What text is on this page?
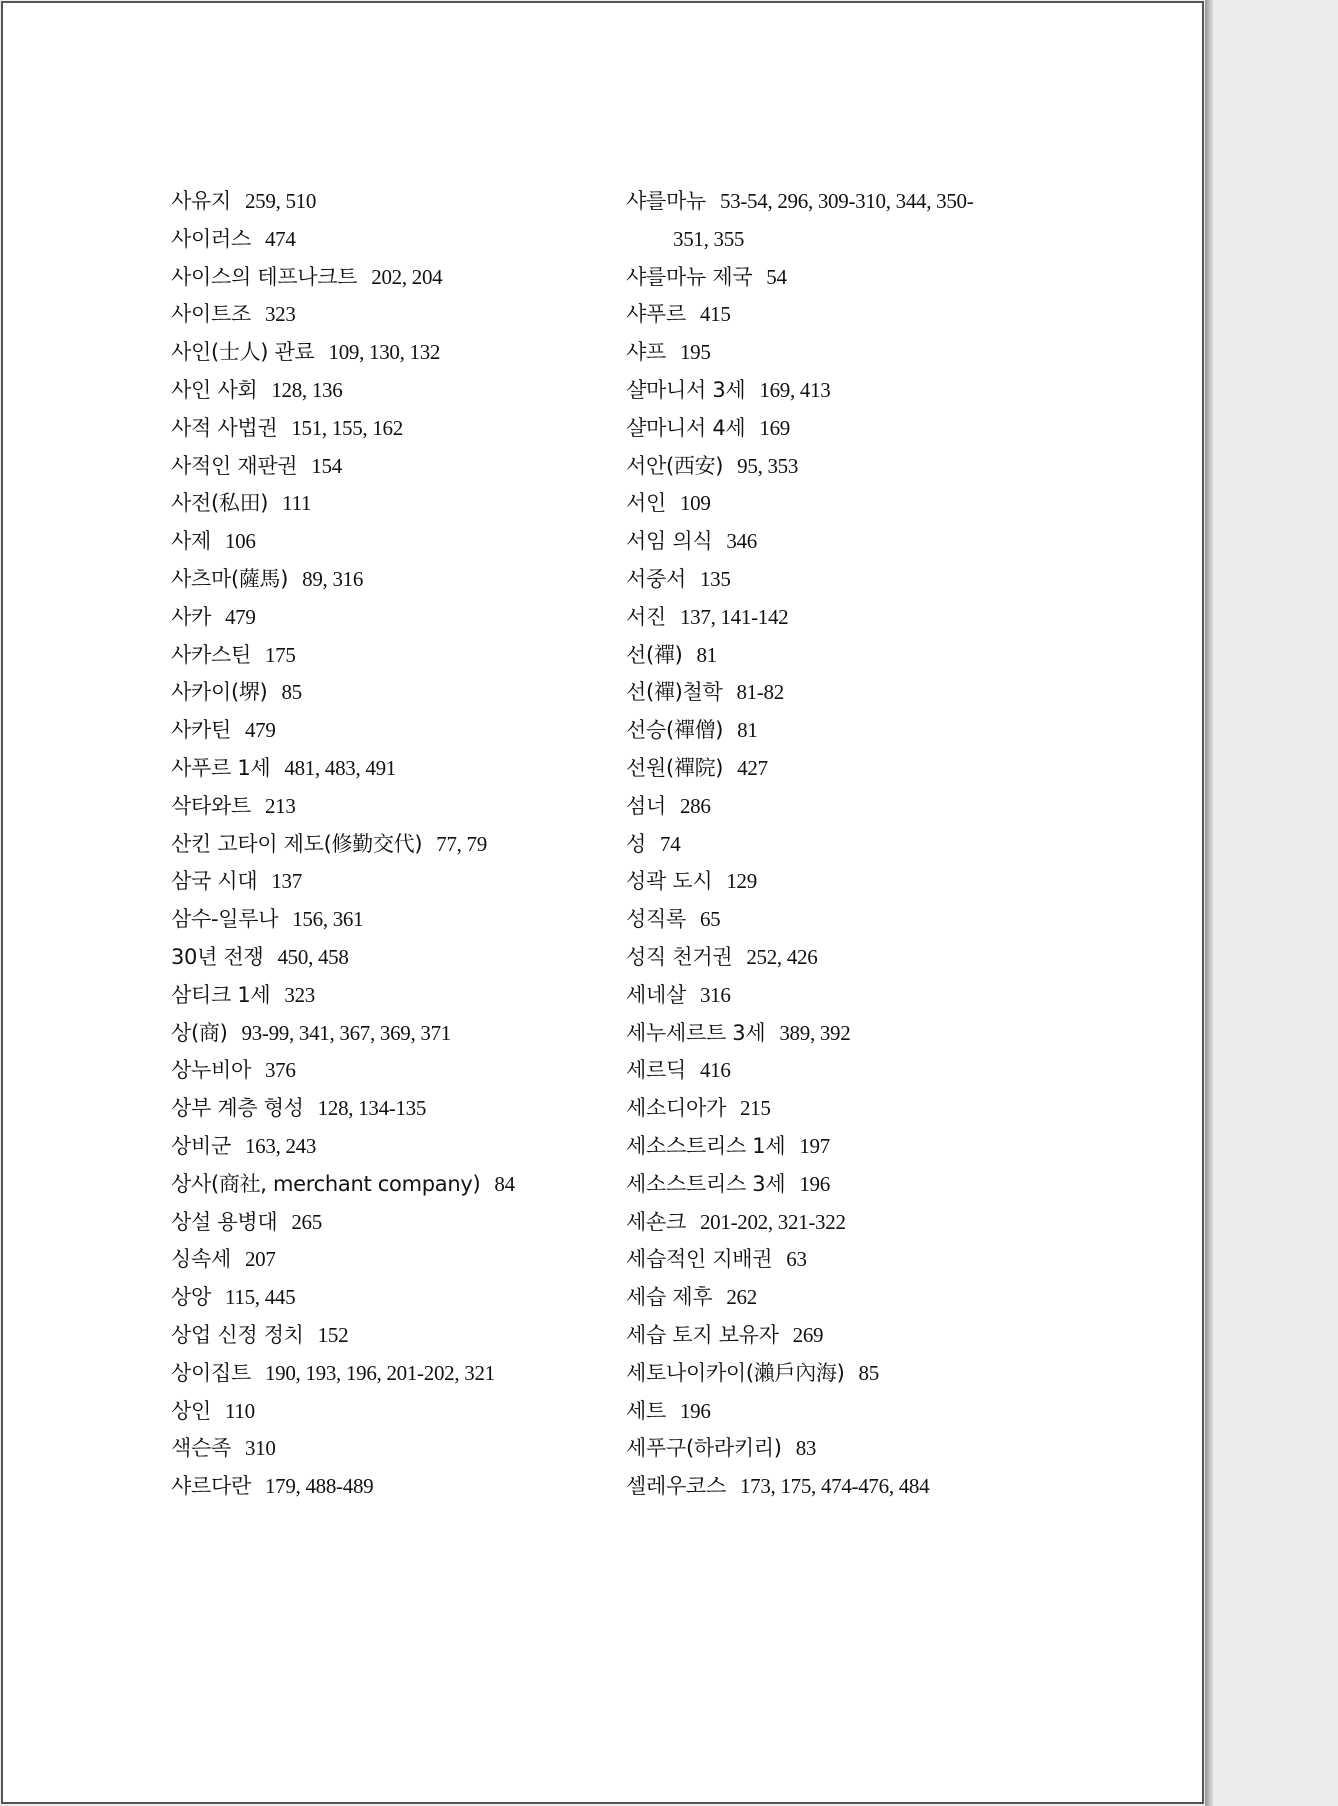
사유지 259, 510
사이러스 474
사이스의 테프나크트 202, 204
사이트조 323
사인(士人) 관료 109, 130, 132
사인 사회 128, 136
사적 사법권 151, 155, 162
사적인 재판권 154
사전(私田) 111
사제 106
사츠마(薩馬) 89, 316
사카 479
사카스틴 175
사카이(堺) 85
사카틴 479
사푸르 1세 481, 483, 491
삭타와트 213
산킨 고타이 제도(修勤交代) 77, 79
삼국 시대 137
삼수-일루나 156, 361
30년 전쟁 450, 458
삼티크 1세 323
상(商) 93-99, 341, 367, 369, 371
상누비아 376
상부 계층 형성 128, 134-135
상비군 163, 243
상사(商社, merchant company) 84
상설 용병대 265
싱속세 207
상앙 115, 445
상업 신정 정치 152
상이집트 190, 193, 196, 201-202, 321
상인 110
색슨족 310
샤르다란 179, 488-489
샤를마뉴 53-54, 296, 309-310, 344, 350-
351, 355
샤를마뉴 제국 54
샤푸르 415
샤프 195
샬마니서 3세 169, 413
샬마니서 4세 169
서안(西安) 95, 353
서인 109
서임 의식 346
서중서 135
서진 137, 141-142
선(禪) 81
선(禪)철학 81-82
선승(禪僧) 81
선원(禪院) 427
섬너 286
성 74
성곽 도시 129
성직록 65
성직 천거권 252, 426
세네살 316
세누세르트 3세 389, 392
세르딕 416
세소디아가 215
세소스트리스 1세 197
세소스트리스 3세 196
세숀크 201-202, 321-322
세습적인 지배권 63
세습 제후 262
세습 토지 보유자 269
세토나이카이(瀨戶內海) 85
세트 196
세푸구(하라키리) 83
셀레우코스 173, 175, 474-476, 484
